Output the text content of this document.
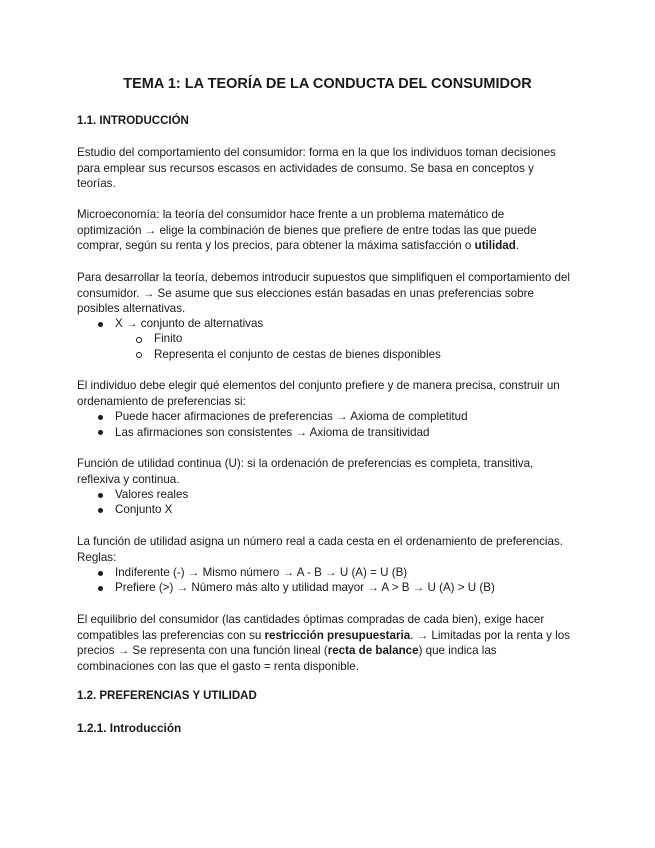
TEMA 1: LA TEORÍA DE LA CONDUCTA DEL CONSUMIDOR
1.1. INTRODUCCIÓN
Estudio del comportamiento del consumidor: forma en la que los individuos toman decisiones
para emplear sus recursos escasos en actividades de consumo. Se basa en conceptos y
teorías.
Microeconomía: la teoría del consumidor hace frente a un problema matemático de
optimización → elige la combinación de bienes que prefiere de entre todas las que puede
comprar, según su renta y los precios, para obtener la máxima satisfacción o utilidad.
Para desarrollar la teoría, debemos introducir supuestos que simplifiquen el comportamiento del
consumidor. → Se asume que sus elecciones están basadas en unas preferencias sobre
posibles alternativas.
X → conjunto de alternativas
Finito
Representa el conjunto de cestas de bienes disponibles
El individuo debe elegir qué elementos del conjunto prefiere y de manera precisa, construir un
ordenamiento de preferencias si:
Puede hacer afirmaciones de preferencias → Axioma de completitud
Las afirmaciones son consistentes → Axioma de transitividad
Función de utilidad continua (U): si la ordenación de preferencias es completa, transitiva,
reflexiva y continua.
Valores reales
Conjunto X
La función de utilidad asigna un número real a cada cesta en el ordenamiento de preferencias.
Reglas:
Indiferente (-) → Mismo número → A - B → U (A) = U (B)
Prefiere (>) → Número más alto y utilidad mayor → A > B → U (A) > U (B)
El equilibrio del consumidor (las cantidades óptimas compradas de cada bien), exige hacer
compatibles las preferencias con su restricción presupuestaria. → Limitadas por la renta y los
precios → Se representa con una función lineal (recta de balance) que indica las
combinaciones con las que el gasto = renta disponible.
1.2. PREFERENCIAS Y UTILIDAD
1.2.1. Introducción
